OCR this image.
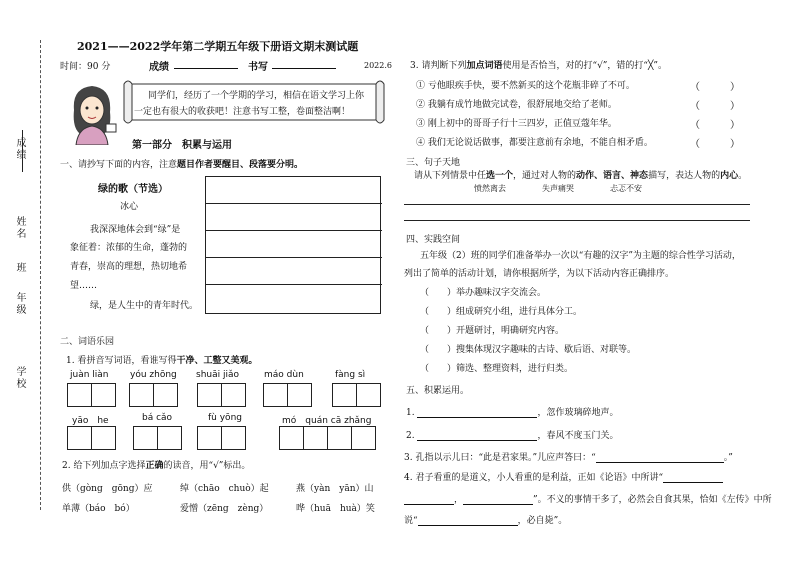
成绩
姓名
班
年级
学校
2021——2022学年第二学期五年级下册语文期末测试题
时间：90 分	成绩	书写	2022.6
同学们，经历了一个学期的学习，相信在语文学习上你
一定也有很大的收获吧！注意书写工整，卷面整洁啊！
第一部分　积累与运用
一、请抄写下面的内容，注意题目作者要醒目、段落要分明。
绿的歌（节选）
冰心
我深深地体会到“绿”是
象征着：浓郁的生命，蓬勃的
青春，崇高的理想，热切地希
望……
绿，是人生中的青年时代。
二、词语乐园
1. 看拼音写词语，看谁写得干净、工整又美观。
juàn liàn yóu zhōng shuāi jiǎo	máo dùn	fàng sì
yāo　he	bá cǎo	fù yōng	mó　quán cā zhǎng
2. 给下列加点字选择正确的读音，用“√”标出。
供（gòng　gōng）应	绰（chāo　chuò）起	燕（yàn　yān）山
单薄（báo　bó）	爱憎（zēng　zèng）	哗（huā　huà）笑
3. 请判断下列加点词语使用是否恰当，对的打“√”，错的打“╳”。
① 亏他眼疾手快，要不然新买的这个花瓶非碎了不可。	（　　　）
② 我躺有成竹地做完试卷，很舒展地交给了老师。	（　　　）
③ 刚上初中的哥哥子行十三四岁，正值豆蔻年华。	（　　　）
④ 我们无论说话做事，都要注意前有余地，不能自相矛盾。	（　　　）
三、句子天地
请从下列情景中任选一个，通过对人物的动作、语言、神态描写，表达人物的内心。
愤然离去	失声痛哭	忐忑不安
四、实践空间
五年级（2）班的同学们准备举办一次以“有趣的汉字”为主题的综合性学习活动，
列出了简单的活动计划，请你根据所学，为以下活动内容正确排序。
（　　）举办趣味汉字交流会。
（　　）组成研究小组，进行具体分工。
（　　）开题研讨，明确研究内容。
（　　）搜集体现汉字趣味的古诗、歇后语、对联等。
（　　）筛选、整理资料，进行归类。
五、积累运用。
1.	，忽作玻璃碎地声。
2.	，春风不度玉门关。
3. 孔指以示儿曰：“此是君家果。”儿应声答曰：“	。”
4. 君子看重的是道义，小人看重的是利益，正如《论语》中所讲“
，	”。不义的事情干多了，必然会自食其果，恰如《左传》中所
说“	，必自毙”。
